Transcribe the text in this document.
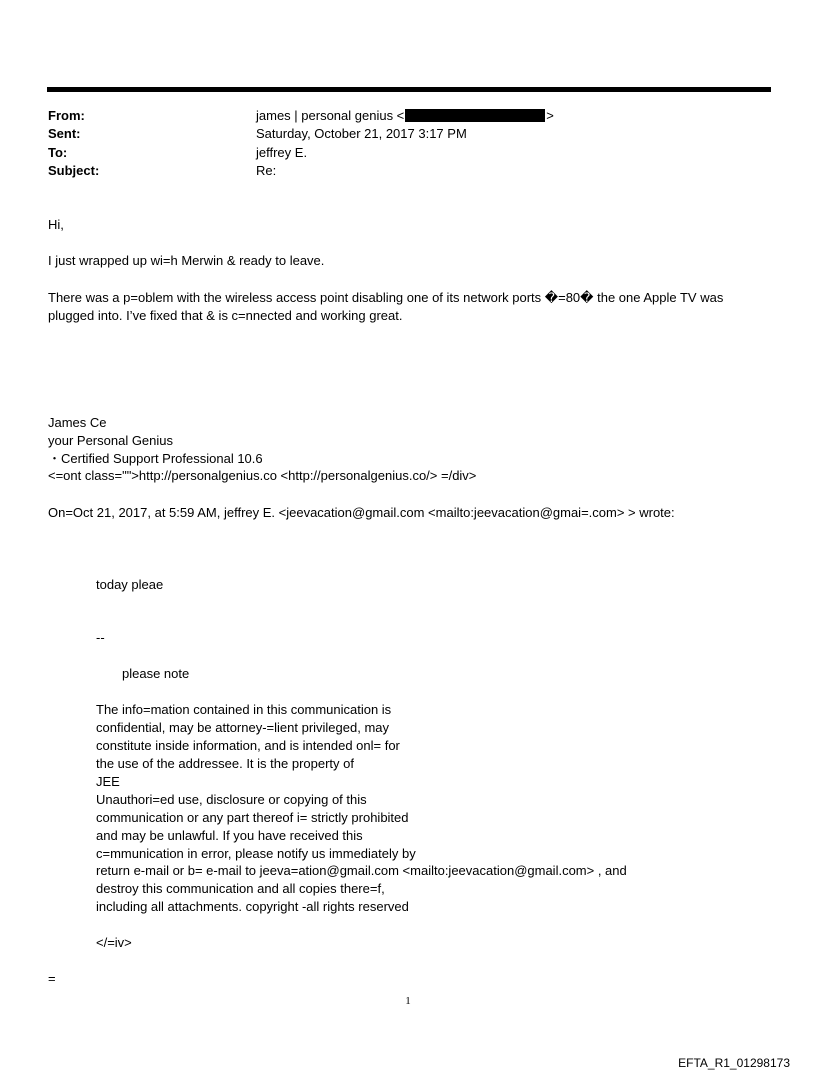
From:	james | personal genius <	>
Sent:	Saturday, October 21, 2017 3:17 PM
To:	jeffrey E.
Subject:	Re:
Hi,
I just wrapped up wi=h Merwin & ready to leave.
There was a p=oblem with the wireless access point disabling one of its network ports �=80� the one Apple TV was
plugged into. I’ve fixed that & is c=nnected and working great.
James Ce
your Personal Genius
・Certified Support Professional 10.6
<=ont class="">http://personalgenius.co <http://personalgenius.co/> =/div>
On=Oct 21, 2017, at 5:59 AM, jeffrey E. <jeevacation@gmail.com <mailto:jeevacation@gmai=.com> > wrote:
today pleae
--
please note
The info=mation contained in this communication is
confidential, may be attorney-=lient privileged, may
constitute inside information, and is intended onl= for
the use of the addressee. It is the property of
JEE
Unauthori=ed use, disclosure or copying of this
communication or any part thereof i= strictly prohibited
and may be unlawful. If you have received this
c=mmunication in error, please notify us immediately by
return e-mail or b= e-mail to jeeva=ation@gmail.com <mailto:jeevacation@gmail.com> , and
destroy this communication and all copies there=f,
including all attachments. copyright -all rights reserved
</=iv>
=
1
EFTA_R1_01298173
